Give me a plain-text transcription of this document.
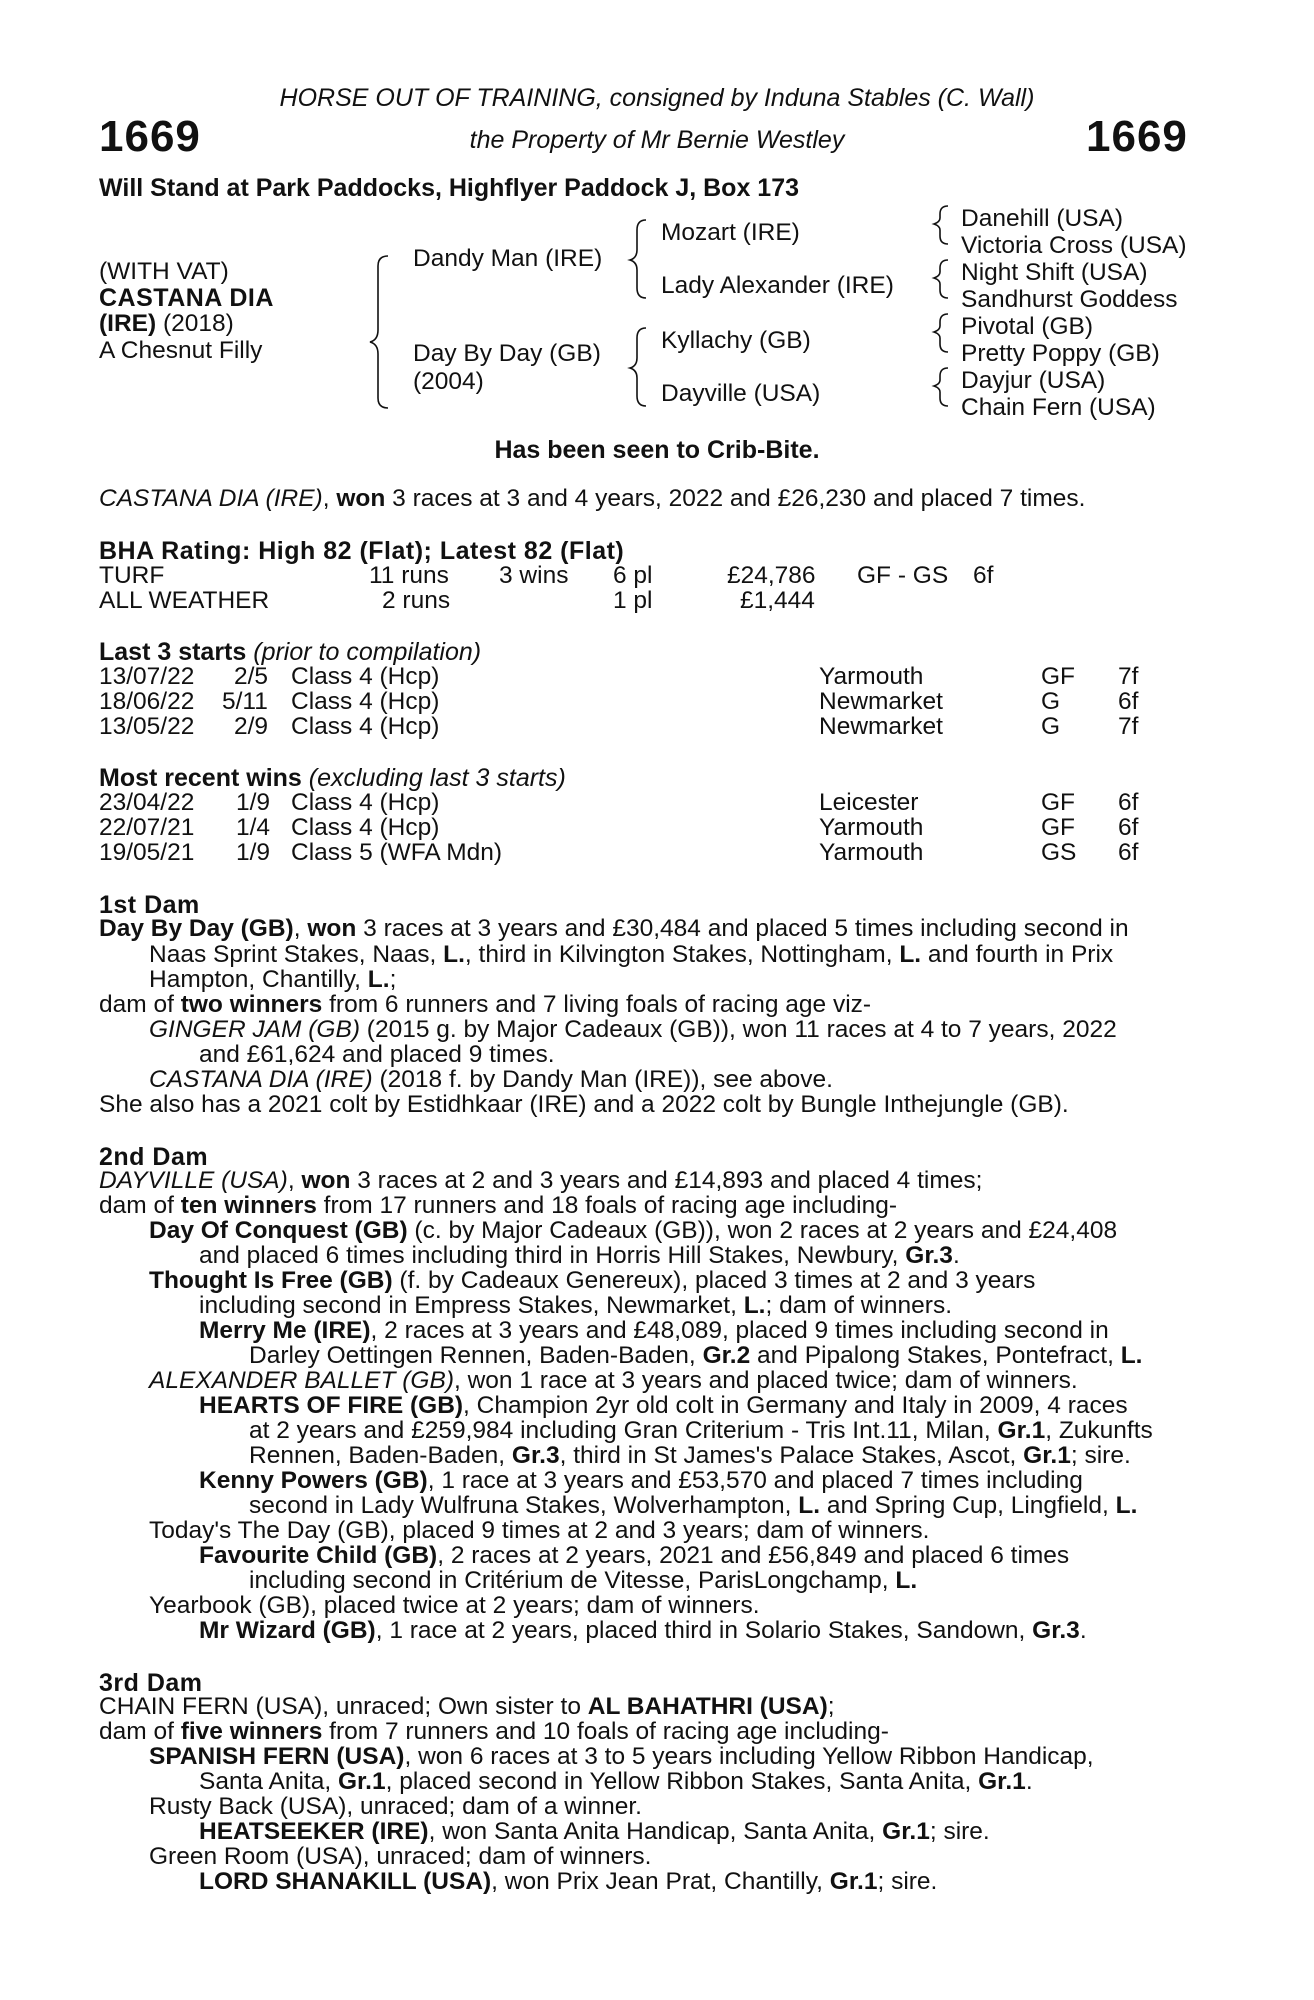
1669	1669
HORSE OUT OF TRAINING, consigned by Induna Stables (C. Wall)
the Property of Mr Bernie Westley
Will Stand at Park Paddocks, Highflyer Paddock J, Box 173
(WITH VAT)
CASTANA DIA
(IRE) (2018)
A Chesnut Filly
Dandy Man (IRE)
Day By Day (GB)
(2004)
Mozart (IRE)
Lady Alexander (IRE)
Kyllachy (GB)
Dayville (USA)
Danehill (USA)
Victoria Cross (USA)
Night Shift (USA)
Sandhurst Goddess
Pivotal (GB)
Pretty Poppy (GB)
Dayjur (USA)
Chain Fern (USA)
Has been seen to Crib-Bite.
CASTANA DIA (IRE), won 3 races at 3 and 4 years, 2022 and £26,230 and placed 7 times.
BHA Rating: High 82 (Flat); Latest 82 (Flat)
TURF	11 runs 3 wins 6 pl	£24,786 GF - GS 6f
ALL WEATHER	2 runs	1 pl	£1,444
Last 3 starts (prior to compilation)
13/07/22 2/5 Class 4 (Hcp)	Yarmouth	GF 7f
18/06/22 5/11 Class 4 (Hcp)	Newmarket	G 6f
13/05/22 2/9 Class 4 (Hcp)	Newmarket	G 7f
Most recent wins (excluding last 3 starts)
23/04/22 1/9 Class 4 (Hcp)	Leicester	GF 6f
22/07/21 1/4 Class 4 (Hcp)	Yarmouth	GF 6f
19/05/21 1/9 Class 5 (WFA Mdn)	Yarmouth	GS 6f
1st Dam
Day By Day (GB), won 3 races at 3 years and £30,484 and placed 5 times including second in
Naas Sprint Stakes, Naas, L., third in Kilvington Stakes, Nottingham, L. and fourth in Prix
Hampton, Chantilly, L.;
dam of two winners from 6 runners and 7 living foals of racing age viz-
GINGER JAM (GB) (2015 g. by Major Cadeaux (GB)), won 11 races at 4 to 7 years, 2022
and £61,624 and placed 9 times.
CASTANA DIA (IRE) (2018 f. by Dandy Man (IRE)), see above.
She also has a 2021 colt by Estidhkaar (IRE) and a 2022 colt by Bungle Inthejungle (GB).
2nd Dam
DAYVILLE (USA), won 3 races at 2 and 3 years and £14,893 and placed 4 times;
dam of ten winners from 17 runners and 18 foals of racing age including-
Day Of Conquest (GB) (c. by Major Cadeaux (GB)), won 2 races at 2 years and £24,408
and placed 6 times including third in Horris Hill Stakes, Newbury, Gr.3.
Thought Is Free (GB) (f. by Cadeaux Genereux), placed 3 times at 2 and 3 years
including second in Empress Stakes, Newmarket, L.; dam of winners.
Merry Me (IRE), 2 races at 3 years and £48,089, placed 9 times including second in
Darley Oettingen Rennen, Baden-Baden, Gr.2 and Pipalong Stakes, Pontefract, L.
ALEXANDER BALLET (GB), won 1 race at 3 years and placed twice; dam of winners.
HEARTS OF FIRE (GB), Champion 2yr old colt in Germany and Italy in 2009, 4 races
at 2 years and £259,984 including Gran Criterium - Tris Int.11, Milan, Gr.1, Zukunfts
Rennen, Baden-Baden, Gr.3, third in St James's Palace Stakes, Ascot, Gr.1; sire.
Kenny Powers (GB), 1 race at 3 years and £53,570 and placed 7 times including
second in Lady Wulfruna Stakes, Wolverhampton, L. and Spring Cup, Lingfield, L.
Today's The Day (GB), placed 9 times at 2 and 3 years; dam of winners.
Favourite Child (GB), 2 races at 2 years, 2021 and £56,849 and placed 6 times
including second in Critérium de Vitesse, ParisLongchamp, L.
Yearbook (GB), placed twice at 2 years; dam of winners.
Mr Wizard (GB), 1 race at 2 years, placed third in Solario Stakes, Sandown, Gr.3.
3rd Dam
CHAIN FERN (USA), unraced; Own sister to AL BAHATHRI (USA);
dam of five winners from 7 runners and 10 foals of racing age including-
SPANISH FERN (USA), won 6 races at 3 to 5 years including Yellow Ribbon Handicap,
Santa Anita, Gr.1, placed second in Yellow Ribbon Stakes, Santa Anita, Gr.1.
Rusty Back (USA), unraced; dam of a winner.
HEATSEEKER (IRE), won Santa Anita Handicap, Santa Anita, Gr.1; sire.
Green Room (USA), unraced; dam of winners.
LORD SHANAKILL (USA), won Prix Jean Prat, Chantilly, Gr.1; sire.
